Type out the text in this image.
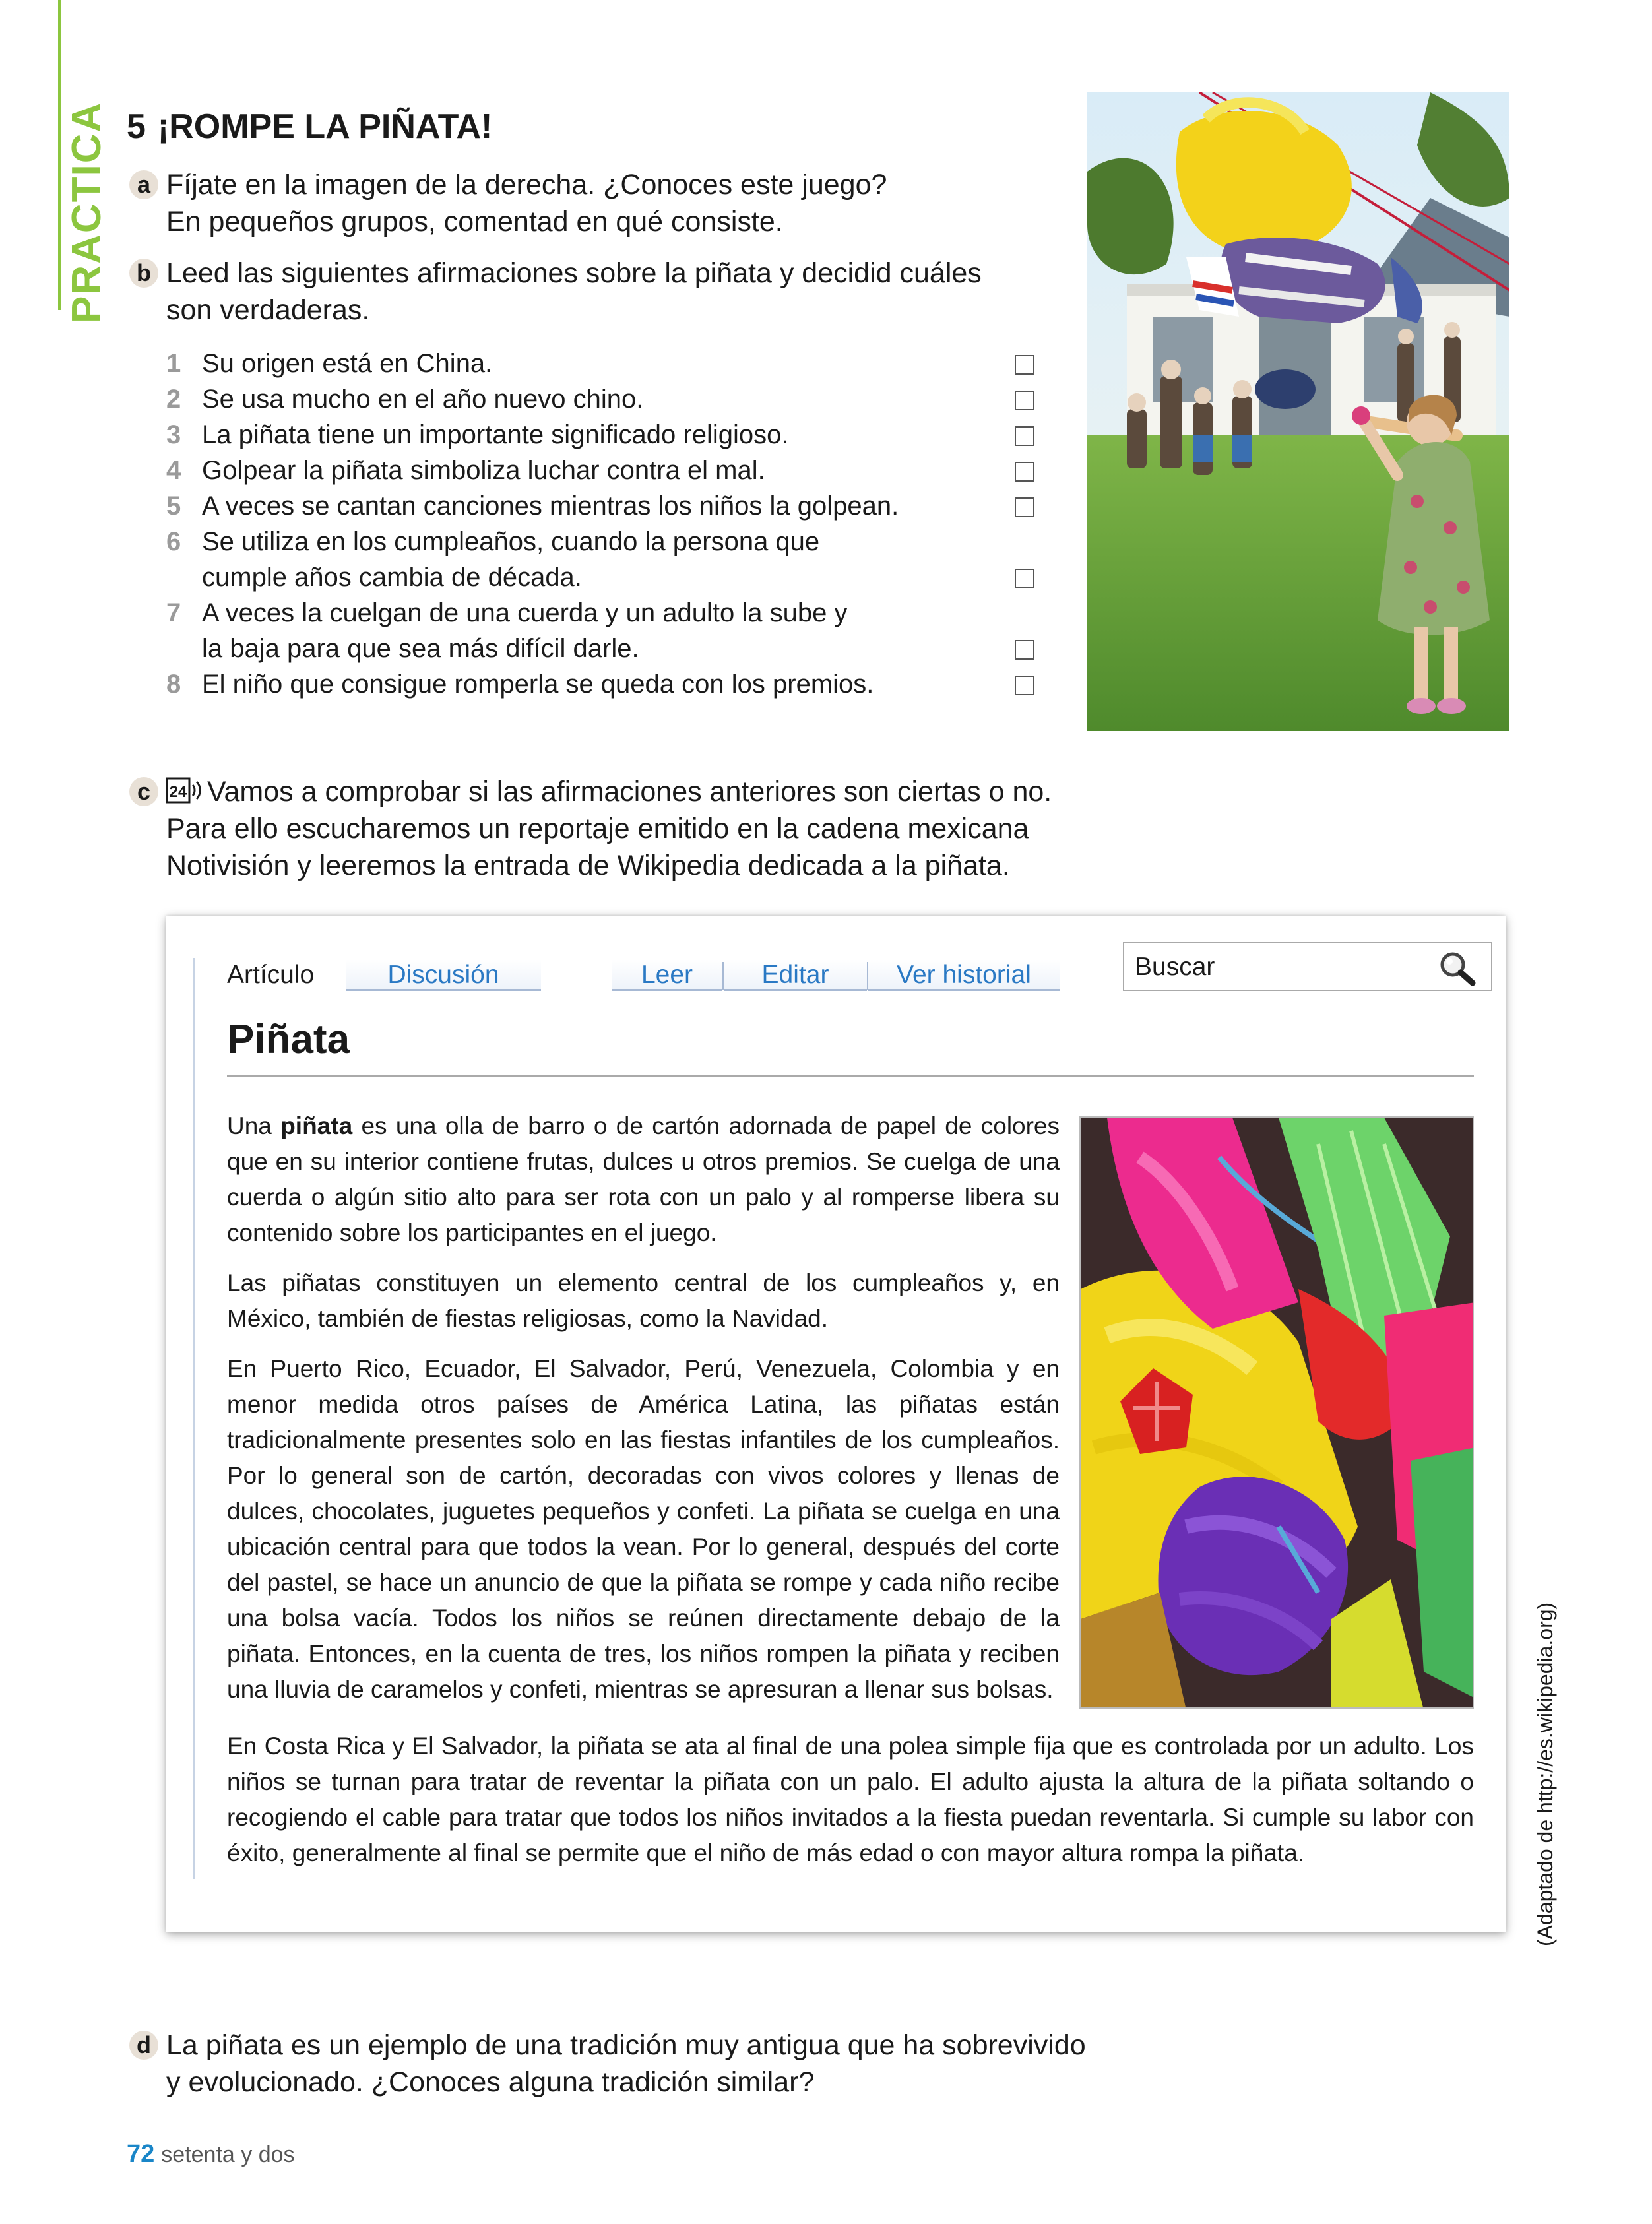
PRACTICA 5 ¡ROMPE LA PIÑATA!
a Fíjate en la imagen de la derecha. ¿Conoces este juego?
En pequeños grupos, comentad en qué consiste.
b Leed las siguientes afirmaciones sobre la piñata y decidid cuáles
son verdaderas.
1 Su origen está en China.
2 Se usa mucho en el año nuevo chino.
3 La piñata tiene un importante significado religioso.
4 Golpear la piñata simboliza luchar contra el mal.
5 A veces se cantan canciones mientras los niños la golpean.
6 Se utiliza en los cumpleaños, cuando la persona que cumple años cambia de década.
7 A veces la cuelgan de una cuerda y un adulto la sube y la baja para que sea más difícil darle.
8 El niño que consigue romperla se queda con los premios.
c	24 Vamos a comprobar si las afirmaciones anteriores son ciertas o no.
Para ello escucharemos un reportaje emitido en la cadena mexicana
Notivisión y leeremos la entrada de Wikipedia dedicada a la piñata.
Artículo	Discusión	Leer	Editar	Ver historial
Buscar
Piñata
Una piñata es una olla de barro o de cartón adornada de papel de colores que en su interior contiene frutas, dulces u otros premios. Se cuelga de una cuerda o algún sitio alto para ser rota con un palo y al romperse libera su contenido sobre los participantes en el juego.
Las piñatas constituyen un elemento central de los cumpleaños y, en México, también de fiestas religiosas, como la Navidad.
En Puerto Rico, Ecuador, El Salvador, Perú, Venezuela, Colombia y en menor medida otros países de América Latina, las piñatas están tradicionalmente presentes solo en las fiestas infantiles de los cumpleaños. Por lo general son de cartón, decoradas con vivos colores y llenas de dulces, chocolates, juguetes pequeños y confeti. La piñata se cuelga en una ubicación central para que todos la vean. Por lo general, después del corte del pastel, se hace un anuncio de que la piñata se rompe y cada niño recibe una bolsa vacía. Todos los niños se reúnen directamente debajo de la piñata. Entonces, en la cuenta de tres, los niños rompen la piñata y reciben una lluvia de caramelos y confeti, mientras se apresuran a llenar sus bolsas.
En Costa Rica y El Salvador, la piñata se ata al final de una polea simple fija que es controlada por un adulto. Los niños se turnan para tratar de reventar la piñata con un palo. El adulto ajusta la altura de la piñata soltando o recogiendo el cable para tratar que todos los niños invitados a la fiesta puedan reventarla. Si cumple su labor con éxito, generalmente al final se permite que el niño de más edad o con mayor altura rompa la piñata.	(Adaptado de http://es.wikipedia.org)
d La piñata es un ejemplo de una tradición muy antigua que ha sobrevivido
y evolucionado. ¿Conoces alguna tradición similar?
72 setenta y dos
